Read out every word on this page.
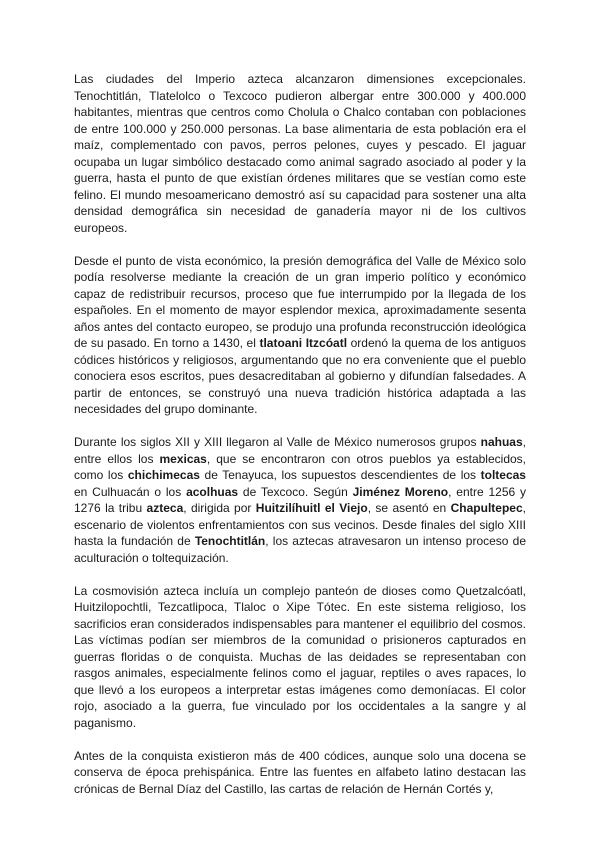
Las ciudades del Imperio azteca alcanzaron dimensiones excepcionales. Tenochtitlán, Tlatelolco o Texcoco pudieron albergar entre 300.000 y 400.000 habitantes, mientras que centros como Cholula o Chalco contaban con poblaciones de entre 100.000 y 250.000 personas. La base alimentaria de esta población era el maíz, complementado con pavos, perros pelones, cuyes y pescado. El jaguar ocupaba un lugar simbólico destacado como animal sagrado asociado al poder y la guerra, hasta el punto de que existían órdenes militares que se vestían como este felino. El mundo mesoamericano demostró así su capacidad para sostener una alta densidad demográfica sin necesidad de ganadería mayor ni de los cultivos europeos.

Desde el punto de vista económico, la presión demográfica del Valle de México solo podía resolverse mediante la creación de un gran imperio político y económico capaz de redistribuir recursos, proceso que fue interrumpido por la llegada de los españoles. En el momento de mayor esplendor mexica, aproximadamente sesenta años antes del contacto europeo, se produjo una profunda reconstrucción ideológica de su pasado. En torno a 1430, el tlatoani Itzcóatl ordenó la quema de los antiguos códices históricos y religiosos, argumentando que no era conveniente que el pueblo conociera esos escritos, pues desacreditaban al gobierno y difundían falsedades. A partir de entonces, se construyó una nueva tradición histórica adaptada a las necesidades del grupo dominante.

Durante los siglos XII y XIII llegaron al Valle de México numerosos grupos nahuas, entre ellos los mexicas, que se encontraron con otros pueblos ya establecidos, como los chichimecas de Tenayuca, los supuestos descendientes de los toltecas en Culhuacán o los acolhuas de Texcoco. Según Jiménez Moreno, entre 1256 y 1276 la tribu azteca, dirigida por Huitzilíhuitl el Viejo, se asentó en Chapultepec, escenario de violentos enfrentamientos con sus vecinos. Desde finales del siglo XIII hasta la fundación de Tenochtitlán, los aztecas atravesaron un intenso proceso de aculturación o toltequización.

La cosmovisión azteca incluía un complejo panteón de dioses como Quetzalcóatl, Huitzilopochtli, Tezcatlipoca, Tlaloc o Xipe Tótec. En este sistema religioso, los sacrificios eran considerados indispensables para mantener el equilibrio del cosmos. Las víctimas podían ser miembros de la comunidad o prisioneros capturados en guerras floridas o de conquista. Muchas de las deidades se representaban con rasgos animales, especialmente felinos como el jaguar, reptiles o aves rapaces, lo que llevó a los europeos a interpretar estas imágenes como demoníacas. El color rojo, asociado a la guerra, fue vinculado por los occidentales a la sangre y al paganismo.

Antes de la conquista existieron más de 400 códices, aunque solo una docena se conserva de época prehispánica. Entre las fuentes en alfabeto latino destacan las crónicas de Bernal Díaz del Castillo, las cartas de relación de Hernán Cortés y,
